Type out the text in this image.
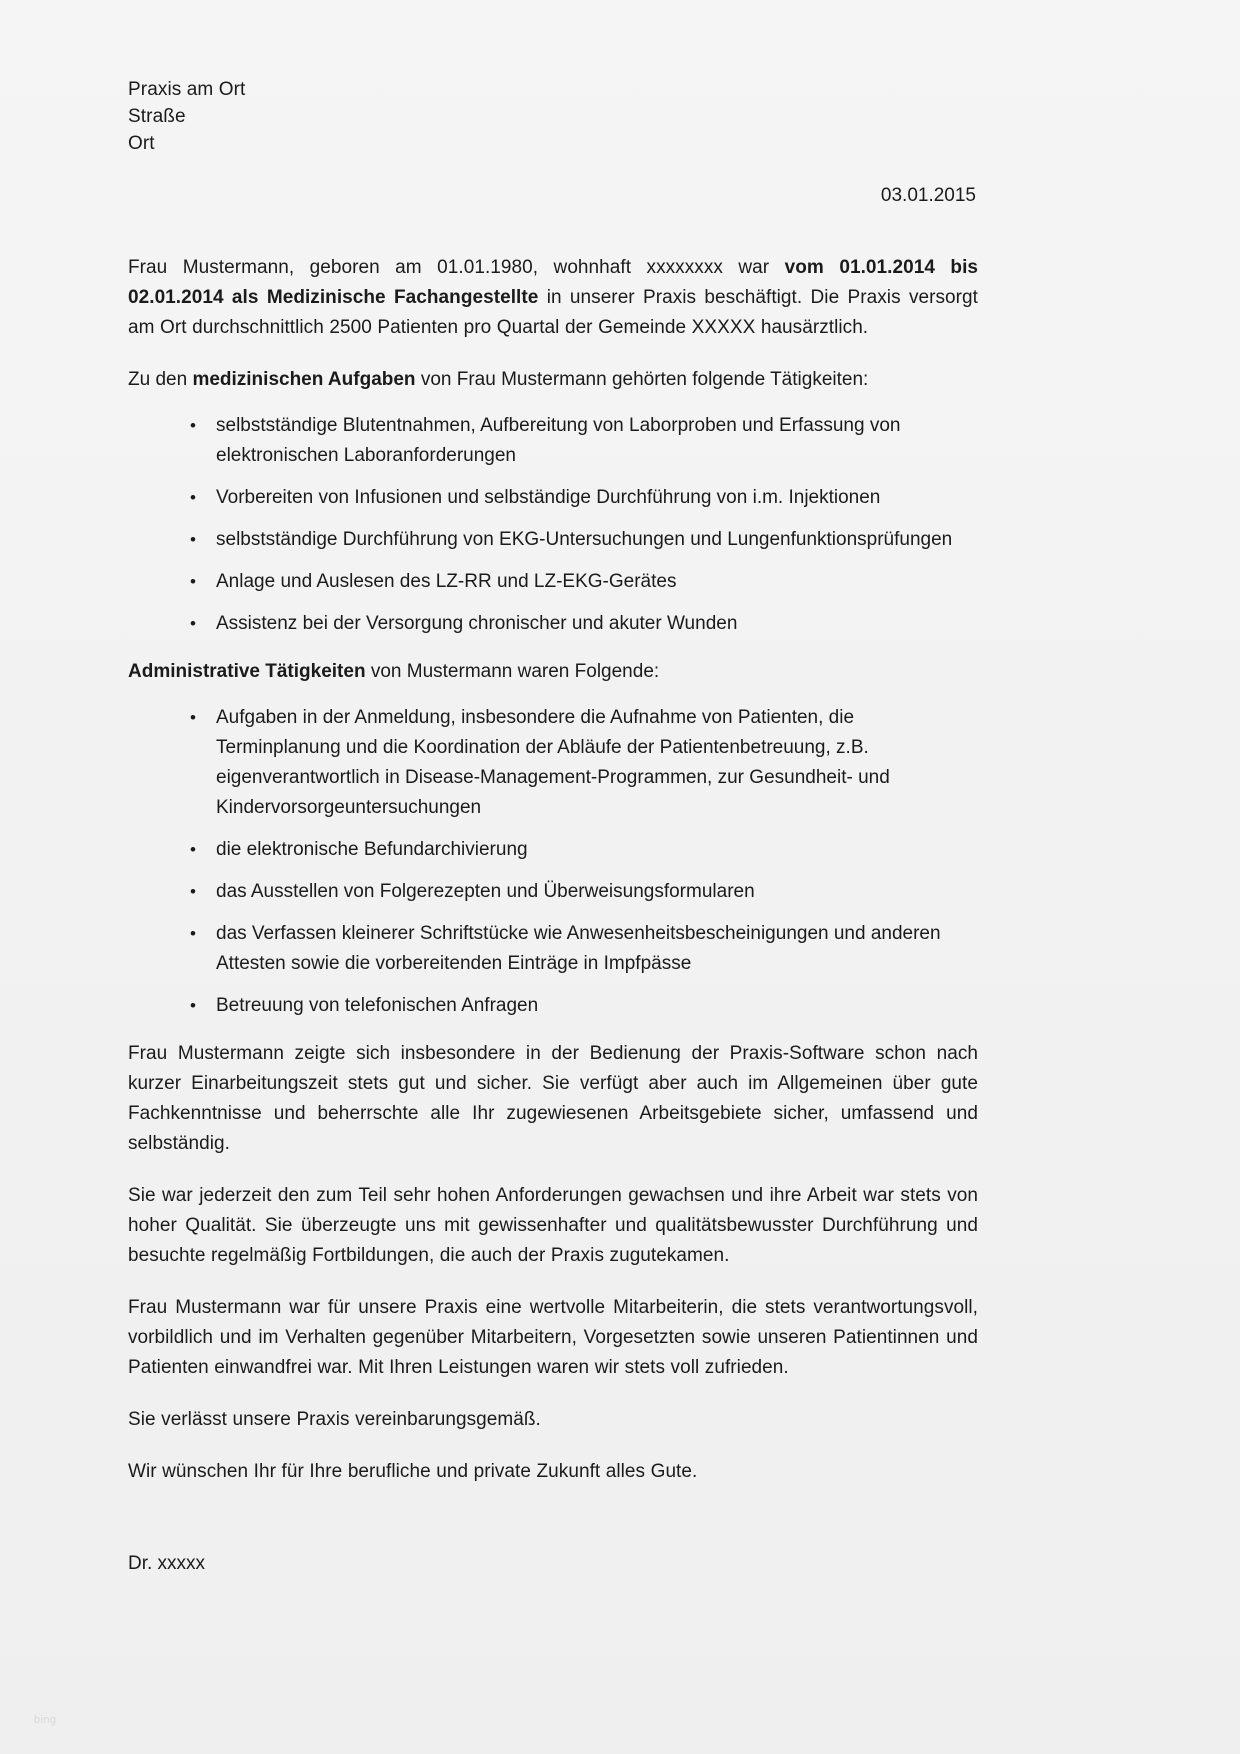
Praxis am Ort
Straße
Ort
03.01.2015

Frau Mustermann, geboren am 01.01.1980, wohnhaft xxxxxxxx war vom 01.01.2014 bis 02.01.2014 als Medizinische Fachangestellte in unserer Praxis beschäftigt. Die Praxis versorgt am Ort durchschnittlich 2500 Patienten pro Quartal der Gemeinde XXXXX hausärztlich.

Zu den medizinischen Aufgaben von Frau Mustermann gehörten folgende Tätigkeiten:

• selbstständige Blutentnahmen, Aufbereitung von Laborproben und Erfassung von elektronischen Laboranforderungen
• Vorbereiten von Infusionen und selbständige Durchführung von i.m. Injektionen
• selbstständige Durchführung von EKG-Untersuchungen und Lungenfunktionsprüfungen
• Anlage und Auslesen des LZ-RR und LZ-EKG-Gerätes
• Assistenz bei der Versorgung chronischer und akuter Wunden

Administrative Tätigkeiten von Mustermann waren Folgende:

• Aufgaben in der Anmeldung, insbesondere die Aufnahme von Patienten, die Terminplanung und die Koordination der Abläufe der Patientenbetreuung, z.B. eigenverantwortlich in Disease-Management-Programmen, zur Gesundheit- und Kindervorsorgeuntersuchungen
• die elektronische Befundarchivierung
• das Ausstellen von Folgerezepten und Überweisungsformularen
• das Verfassen kleinerer Schriftstücke wie Anwesenheitsbescheinigungen und anderen Attesten sowie die vorbereitenden Einträge in Impfpässe
• Betreuung von telefonischen Anfragen

Frau Mustermann zeigte sich insbesondere in der Bedienung der Praxis-Software schon nach kurzer Einarbeitungszeit stets gut und sicher. Sie verfügt aber auch im Allgemeinen über gute Fachkenntnisse und beherrschte alle Ihr zugewiesenen Arbeitsgebiete sicher, umfassend und selbständig.

Sie war jederzeit den zum Teil sehr hohen Anforderungen gewachsen und ihre Arbeit war stets von hoher Qualität. Sie überzeugte uns mit gewissenhafter und qualitätsbewusster Durchführung und besuchte regelmäßig Fortbildungen, die auch der Praxis zugutekamen.

Frau Mustermann war für unsere Praxis eine wertvolle Mitarbeiterin, die stets verantwortungsvoll, vorbildlich und im Verhalten gegenüber Mitarbeitern, Vorgesetzten sowie unseren Patientinnen und Patienten einwandfrei war. Mit Ihren Leistungen waren wir stets voll zufrieden.

Sie verlässt unsere Praxis vereinbarungsgemäß.

Wir wünschen Ihr für Ihre berufliche und private Zukunft alles Gute.

Dr. xxxxx
bing
